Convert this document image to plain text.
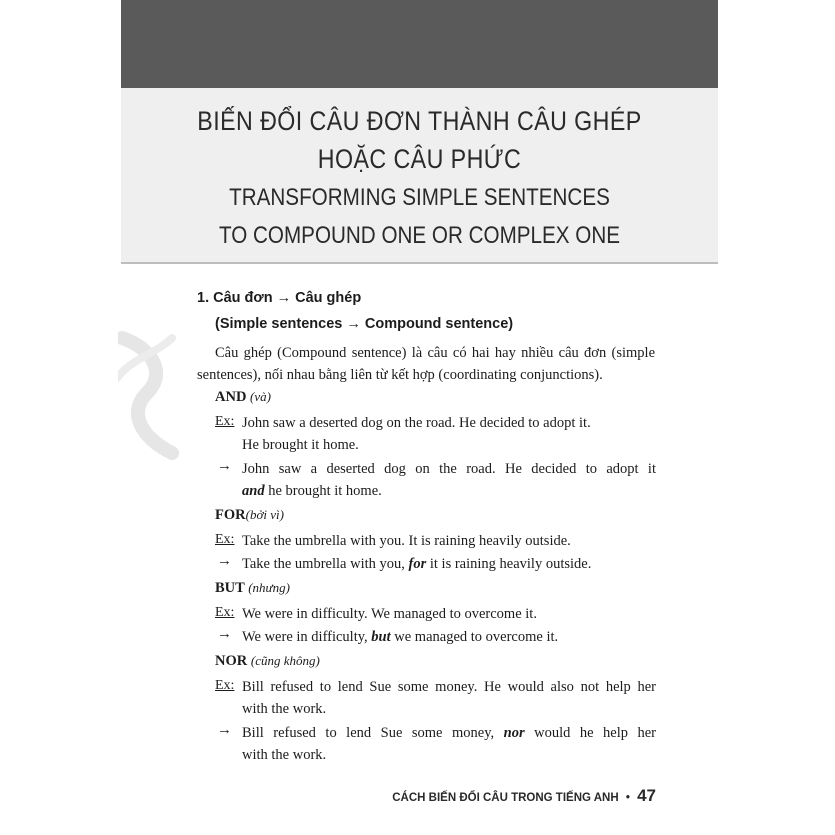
BIẾN ĐỔI CÂU ĐƠN THÀNH CÂU GHÉP
HOẶC CÂU PHỨC
TRANSFORMING SIMPLE SENTENCES
TO COMPOUND ONE OR COMPLEX ONE
1. Câu đơn → Câu ghép
(Simple sentences → Compound sentence)
Câu ghép (Compound sentence) là câu có hai hay nhiều câu đơn (simple
sentences), nối nhau bằng liên từ kết hợp (coordinating conjunctions).
AND (và)
Ex: John saw a deserted dog on the road. He decided to adopt it.
He brought it home.
→ John saw a deserted dog on the road. He decided to adopt it
and he brought it home.
FOR(bởi vì)
Ex: Take the umbrella with you. It is raining heavily outside.
→ Take the umbrella with you, for it is raining heavily outside.
BUT (nhưng)
Ex: We were in difficulty. We managed to overcome it.
→ We were in difficulty, but we managed to overcome it.
NOR (cũng không)
Ex: Bill refused to lend Sue some money. He would also not help her
with the work.
→ Bill refused to lend Sue some money, nor would he help her
with the work.
CÁCH BIẾN ĐỔI CÂU TRONG TIẾNG ANH • 47
